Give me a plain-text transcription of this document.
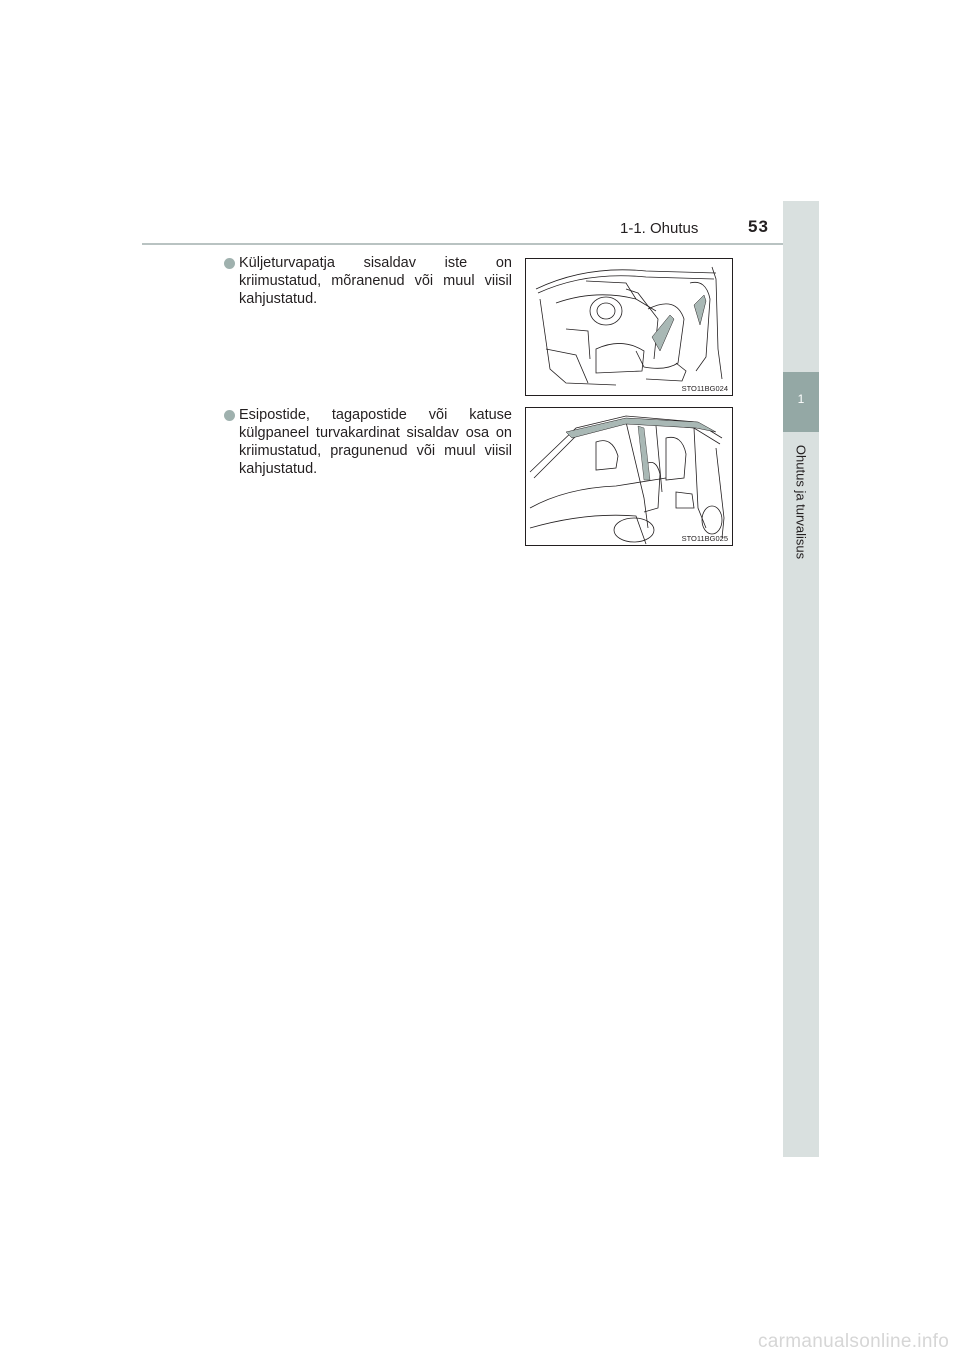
1-1. Ohutus	53
1
Ohutus ja turvalisus
Küljeturvapatja sisaldav iste on kriimustatud, mõranenud või muul viisil kahjustatud.
STO11BG024
Esipostide, tagapostide või katuse külgpaneel turvakardinat sisaldav osa on kriimustatud, pragunenud või muul viisil kahjustatud.
STO11BG025
carmanualsonline.info
